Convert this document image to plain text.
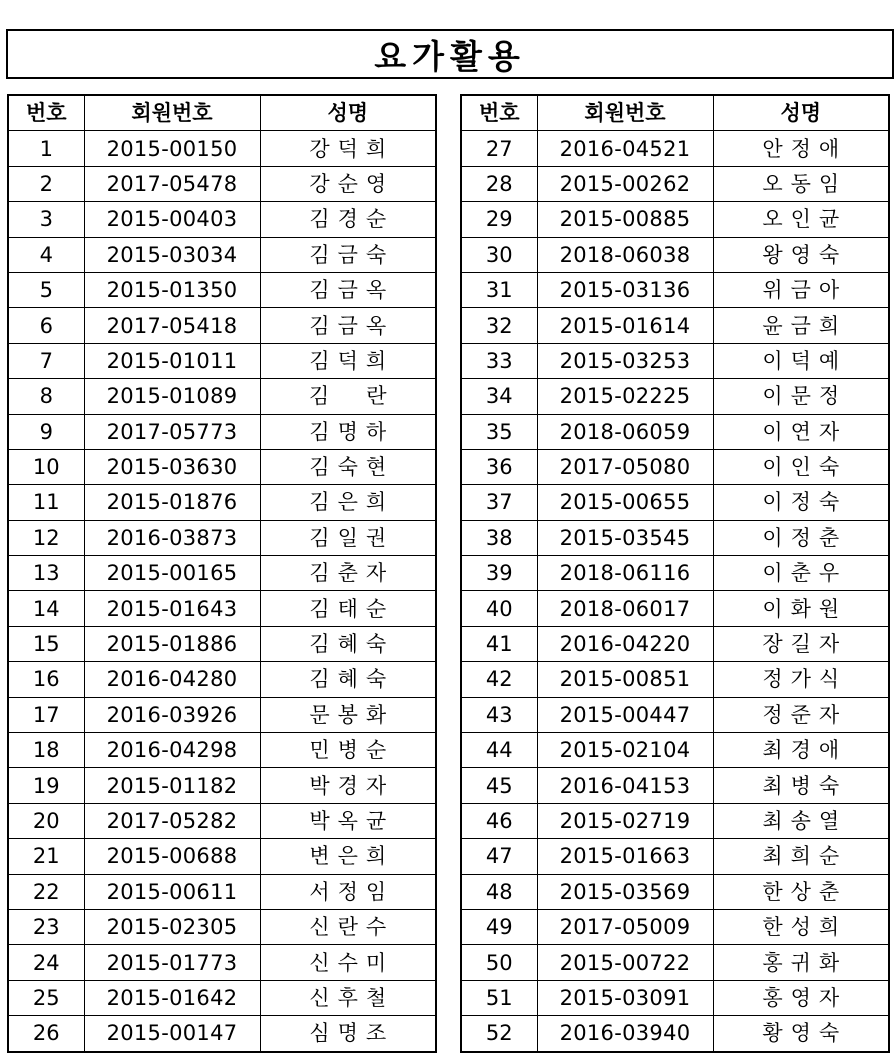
요가활용
번호	회원번호	성명
1	2015-00150	강덕희
2	2017-05478	강순영
3	2015-00403	김경순
4	2015-03034	김금숙
5	2015-01350	김금옥
6	2017-05418	김금옥
7	2015-01011	김덕희
8	2015-01089	김　란
9	2017-05773	김명하
10	2015-03630	김숙현
11	2015-01876	김은희
12	2016-03873	김일권
13	2015-00165	김춘자
14	2015-01643	김태순
15	2015-01886	김혜숙
16	2016-04280	김혜숙
17	2016-03926	문봉화
18	2016-04298	민병순
19	2015-01182	박경자
20	2017-05282	박옥균
21	2015-00688	변은희
22	2015-00611	서정임
23	2015-02305	신란수
24	2015-01773	신수미
25	2015-01642	신후철
26	2015-00147	심명조
번호	회원번호	성명
27	2016-04521	안정애
28	2015-00262	오동임
29	2015-00885	오인균
30	2018-06038	왕영숙
31	2015-03136	위금아
32	2015-01614	윤금희
33	2015-03253	이덕예
34	2015-02225	이문정
35	2018-06059	이연자
36	2017-05080	이인숙
37	2015-00655	이정숙
38	2015-03545	이정춘
39	2018-06116	이춘우
40	2018-06017	이화원
41	2016-04220	장길자
42	2015-00851	정가식
43	2015-00447	정준자
44	2015-02104	최경애
45	2016-04153	최병숙
46	2015-02719	최송열
47	2015-01663	최희순
48	2015-03569	한상춘
49	2017-05009	한성희
50	2015-00722	홍귀화
51	2015-03091	홍영자
52	2016-03940	황영숙
